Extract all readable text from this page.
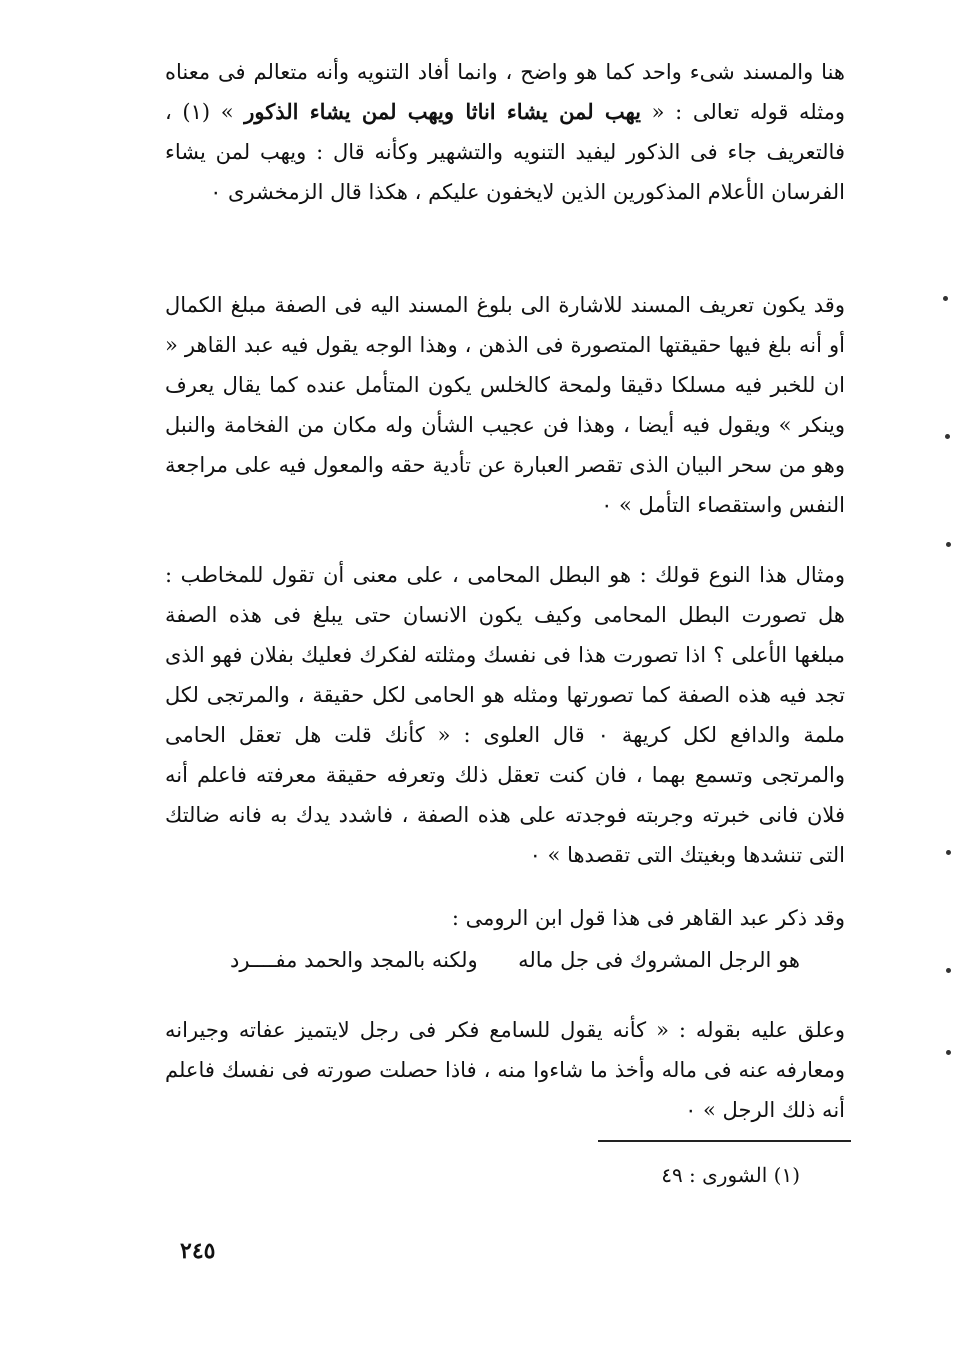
هنا والمسند شىء واحد كما هو واضح ، وانما أفاد التنويه وأنه متعالم فى معناه ومثله قوله تعالى : « يهب لمن يشاء اناثا ويهب لمن يشاء الذكور » (١) ، فالتعريف جاء فى الذكور ليفيد التنويه والتشهير وكأنه قال : ويهب لمن يشاء الفرسان الأعلام المذكورين الذين لايخفون عليكم ، هكذا قال الزمخشرى ٠

وقد يكون تعريف المسند للاشارة الى بلوغ المسند اليه فى الصفة مبلغ الكمال أو أنه بلغ فيها حقيقتها المتصورة فى الذهن ، وهذا الوجه يقول فيه عبد القاهر « ان للخبر فيه مسلكا دقيقا ولمحة كالخلس يكون المتأمل عنده كما يقال يعرف وينكر » ويقول فيه أيضا ، وهذا فن عجيب الشأن وله مكان من الفخامة والنبل وهو من سحر البيان الذى تقصر العبارة عن تأدية حقه والمعول فيه على مراجعة النفس واستقصاء التأمل » ٠

ومثال هذا النوع قولك : هو البطل المحامى ، على معنى أن تقول للمخاطب : هل تصورت البطل المحامى وكيف يكون الانسان حتى يبلغ فى هذه الصفة مبلغها الأعلى ؟ اذا تصورت هذا فى نفسك ومثلته لفكرك فعليك بفلان فهو الذى تجد فيه هذه الصفة كما تصورتها ومثله هو الحامى لكل حقيقة ، والمرتجى لكل ملمة والدافع لكل كريهة ٠ قال العلوى : « كأنك قلت هل تعقل الحامى والمرتجى وتسمع بهما ، فان كنت تعقل ذلك وتعرفه حقيقة معرفته فاعلم أنه فلان فانى خبرته وجربته فوجدته على هذه الصفة ، فاشدد يدك به فانه ضالتك التى تنشدها وبغيتك التى تقصدها » ٠

وقد ذكر عبد القاهر فى هذا قول ابن الرومى :

هو الرجل المشروك فى جل ماله
ولكنه بالمجد والحمد مفــــرد

وعلق عليه بقوله : « كأنه يقول للسامع فكر فى رجل لايتميز عفاته وجيرانه ومعارفه عنه فى ماله وأخذ ما شاءوا منه ، فاذا حصلت صورته فى نفسك فاعلم أنه ذلك الرجل » ٠

(١) الشورى : ٤٩
٢٤٥
